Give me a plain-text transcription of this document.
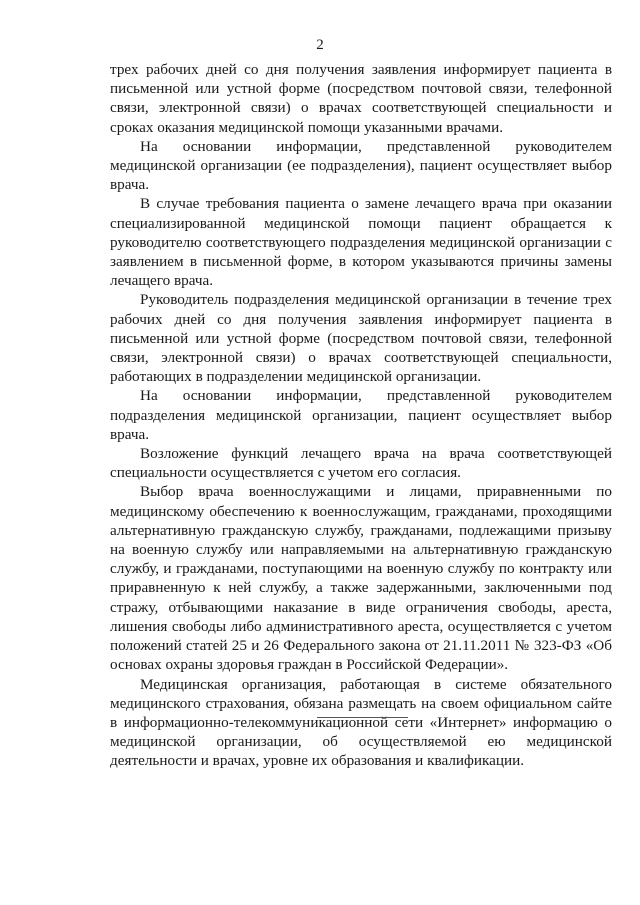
2

трех рабочих дней со дня получения заявления информирует пациента в письменной или устной форме (посредством почтовой связи, телефонной связи, электронной связи) о врачах соответствующей специальности и сроках оказания медицинской помощи указанными врачами.

На основании информации, представленной руководителем медицинской организации (ее подразделения), пациент осуществляет выбор врача.

В случае требования пациента о замене лечащего врача при оказании специализированной медицинской помощи пациент обращается к руководителю соответствующего подразделения медицинской организации с заявлением в письменной форме, в котором указываются причины замены лечащего врача.

Руководитель подразделения медицинской организации в течение трех рабочих дней со дня получения заявления информирует пациента в письменной или устной форме (посредством почтовой связи, телефонной связи, электронной связи) о врачах соответствующей специальности, работающих в подразделении медицинской организации.

На основании информации, представленной руководителем подразделения медицинской организации, пациент осуществляет выбор врача.

Возложение функций лечащего врача на врача соответствующей специальности осуществляется с учетом его согласия.

Выбор врача военнослужащими и лицами, приравненными по медицинскому обеспечению к военнослужащим, гражданами, проходящими альтернативную гражданскую службу, гражданами, подлежащими призыву на военную службу или направляемыми на альтернативную гражданскую службу, и гражданами, поступающими на военную службу по контракту или приравненную к ней службу, а также задержанными, заключенными под стражу, отбывающими наказание в виде ограничения свободы, ареста, лишения свободы либо административного ареста, осуществляется с учетом положений статей 25 и 26 Федерального закона от 21.11.2011 № 323-ФЗ «Об основах охраны здоровья граждан в Российской Федерации».

Медицинская организация, работающая в системе обязательного медицинского страхования, обязана размещать на своем официальном сайте в информационно-телекоммуникационной сети «Интернет» информацию о медицинской организации, об осуществляемой ею медицинской деятельности и врачах, уровне их образования и квалификации.
